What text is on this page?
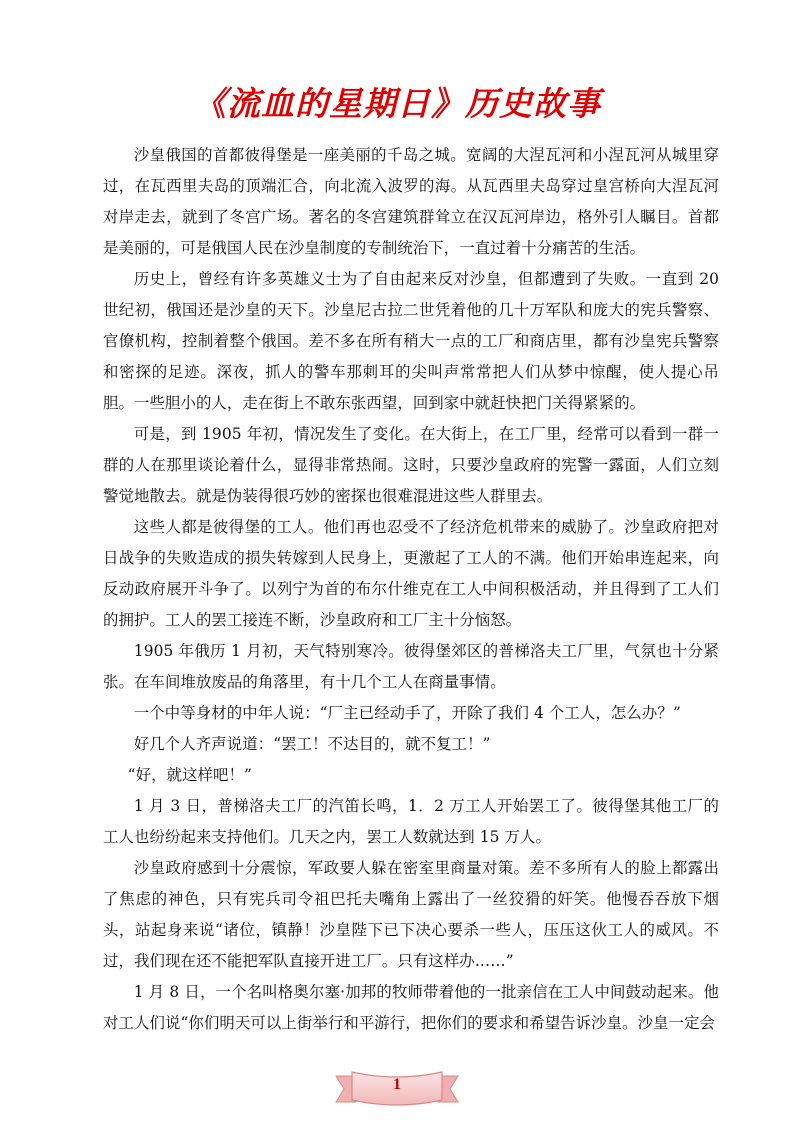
《流血的星期日》历史故事

沙皇俄国的首都彼得堡是一座美丽的千岛之城。宽阔的大涅瓦河和小涅瓦河从城里穿过，在瓦西里夫岛的顶端汇合，向北流入波罗的海。从瓦西里夫岛穿过皇宫桥向大涅瓦河对岸走去，就到了冬宫广场。著名的冬宫建筑群耸立在汉瓦河岸边，格外引人瞩目。首都是美丽的，可是俄国人民在沙皇制度的专制统治下，一直过着十分痛苦的生活。

历史上，曾经有许多英雄义士为了自由起来反对沙皇，但都遭到了失败。一直到 20 世纪初，俄国还是沙皇的天下。沙皇尼古拉二世凭着他的几十万军队和庞大的宪兵警察、官僚机构，控制着整个俄国。差不多在所有稍大一点的工厂和商店里，都有沙皇宪兵警察和密探的足迹。深夜，抓人的警车那刺耳的尖叫声常常把人们从梦中惊醒，使人提心吊胆。一些胆小的人，走在街上不敢东张西望，回到家中就赶快把门关得紧紧的。

可是，到 1905 年初，情况发生了变化。在大街上，在工厂里，经常可以看到一群一群的人在那里谈论着什么，显得非常热闹。这时，只要沙皇政府的宪警一露面，人们立刻警觉地散去。就是伪装得很巧妙的密探也很难混进这些人群里去。

这些人都是彼得堡的工人。他们再也忍受不了经济危机带来的威胁了。沙皇政府把对日战争的失败造成的损失转嫁到人民身上，更激起了工人的不满。他们开始串连起来，向反动政府展开斗争了。以列宁为首的布尔什维克在工人中间积极活动，并且得到了工人们的拥护。工人的罢工接连不断，沙皇政府和工厂主十分恼怒。

1905 年俄历 1 月初，天气特别寒冷。彼得堡郊区的普梯洛夫工厂里，气氛也十分紧张。在车间堆放废品的角落里，有十几个工人在商量事情。

一个中等身材的中年人说：“厂主已经动手了，开除了我们 4 个工人，怎么办？”

好几个人齐声说道：“罢工！不达目的，就不复工！”

“好，就这样吧！”

1 月 3 日，普梯洛夫工厂的汽笛长鸣，1．2 万工人开始罢工了。彼得堡其他工厂的工人也纷纷起来支持他们。几天之内，罢工人数就达到 15 万人。

沙皇政府感到十分震惊，军政要人躲在密室里商量对策。差不多所有人的脸上都露出了焦虑的神色，只有宪兵司令祖巴托夫嘴角上露出了一丝狡猾的奸笑。他慢吞吞放下烟头，站起身来说“诸位，镇静！沙皇陛下已下决心要杀一些人，压压这伙工人的威风。不过，我们现在还不能把军队直接开进工厂。只有这样办……”

1 月 8 日，一个名叫格奥尔塞·加邦的牧师带着他的一批亲信在工人中间鼓动起来。他对工人们说“你们明天可以上街举行和平游行，把你们的要求和希望告诉沙皇。沙皇一定会

1
